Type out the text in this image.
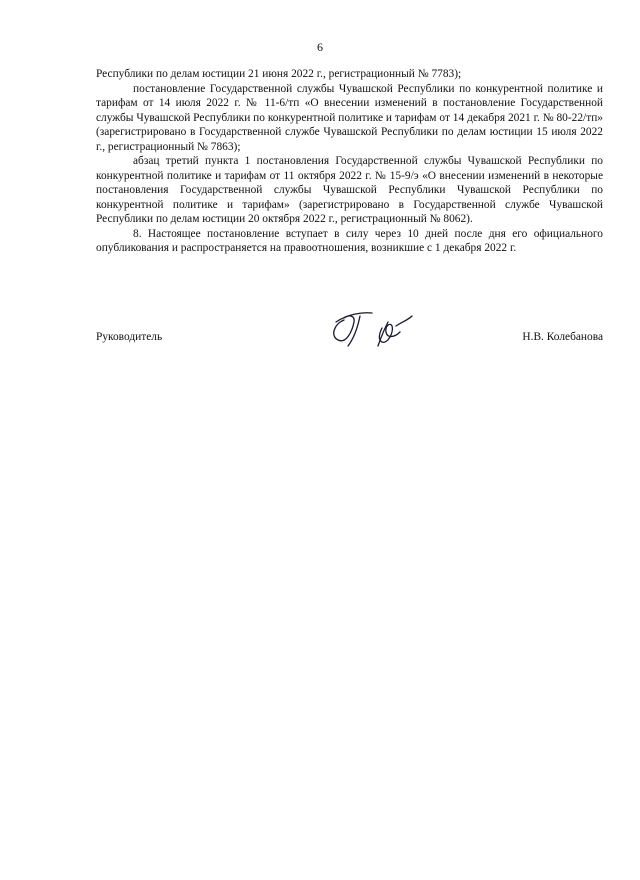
6

Республики по делам юстиции 21 июня 2022 г., регистрационный № 7783);

постановление Государственной службы Чувашской Республики по конкурентной политике и тарифам от 14 июля 2022 г. № 11-6/тп «О внесении изменений в постановление Государственной службы Чувашской Республики по конкурентной политике и тарифам от 14 декабря 2021 г. № 80-22/тп» (зарегистрировано в Государственной службе Чувашской Республики по делам юстиции 15 июля 2022 г., регистрационный № 7863);

абзац третий пункта 1 постановления Государственной службы Чувашской Республики по конкурентной политике и тарифам от 11 октября 2022 г. № 15-9/э «О внесении изменений в некоторые постановления Государственной службы Чувашской Республики Чувашской Республики по конкурентной политике и тарифам» (зарегистрировано в Государственной службе Чувашской Республики по делам юстиции 20 октября 2022 г., регистрационный № 8062).

8. Настоящее постановление вступает в силу через 10 дней после дня его официального опубликования и распространяется на правоотношения, возникшие с 1 декабря 2022 г.

Руководитель	Н.В. Колебанова
